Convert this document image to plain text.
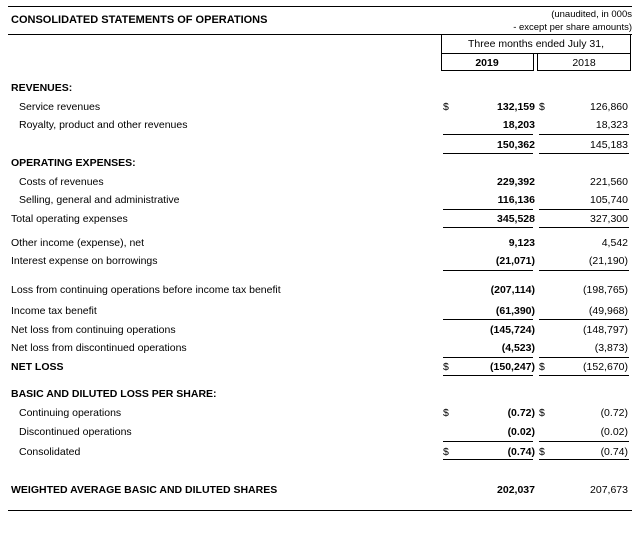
CONSOLIDATED STATEMENTS OF OPERATIONS	(unaudited, in 000s
- except per share amounts)
Three months ended July 31,
2019	2018
REVENUES:
Service revenues	$	132,159 $	126,860
Royalty, product and other revenues	18,203	18,323
150,362	145,183
OPERATING EXPENSES:
Costs of revenues	229,392	221,560
Selling, general and administrative	116,136	105,740
Total operating expenses	345,528	327,300
Other income (expense), net	9,123	4,542
Interest expense on borrowings	(21,071)	(21,190)
Loss from continuing operations before income tax benefit	(207,114)	(198,765)
Income tax benefit	(61,390)	(49,968)
Net loss from continuing operations	(145,724)	(148,797)
Net loss from discontinued operations	(4,523)	(3,873)
NET LOSS	$	(150,247) $	(152,670)
BASIC AND DILUTED LOSS PER SHARE:
Continuing operations	$	(0.72) $	(0.72)
Discontinued operations	(0.02)	(0.02)
Consolidated	$	(0.74) $	(0.74)
WEIGHTED AVERAGE BASIC AND DILUTED SHARES	202,037	207,673
